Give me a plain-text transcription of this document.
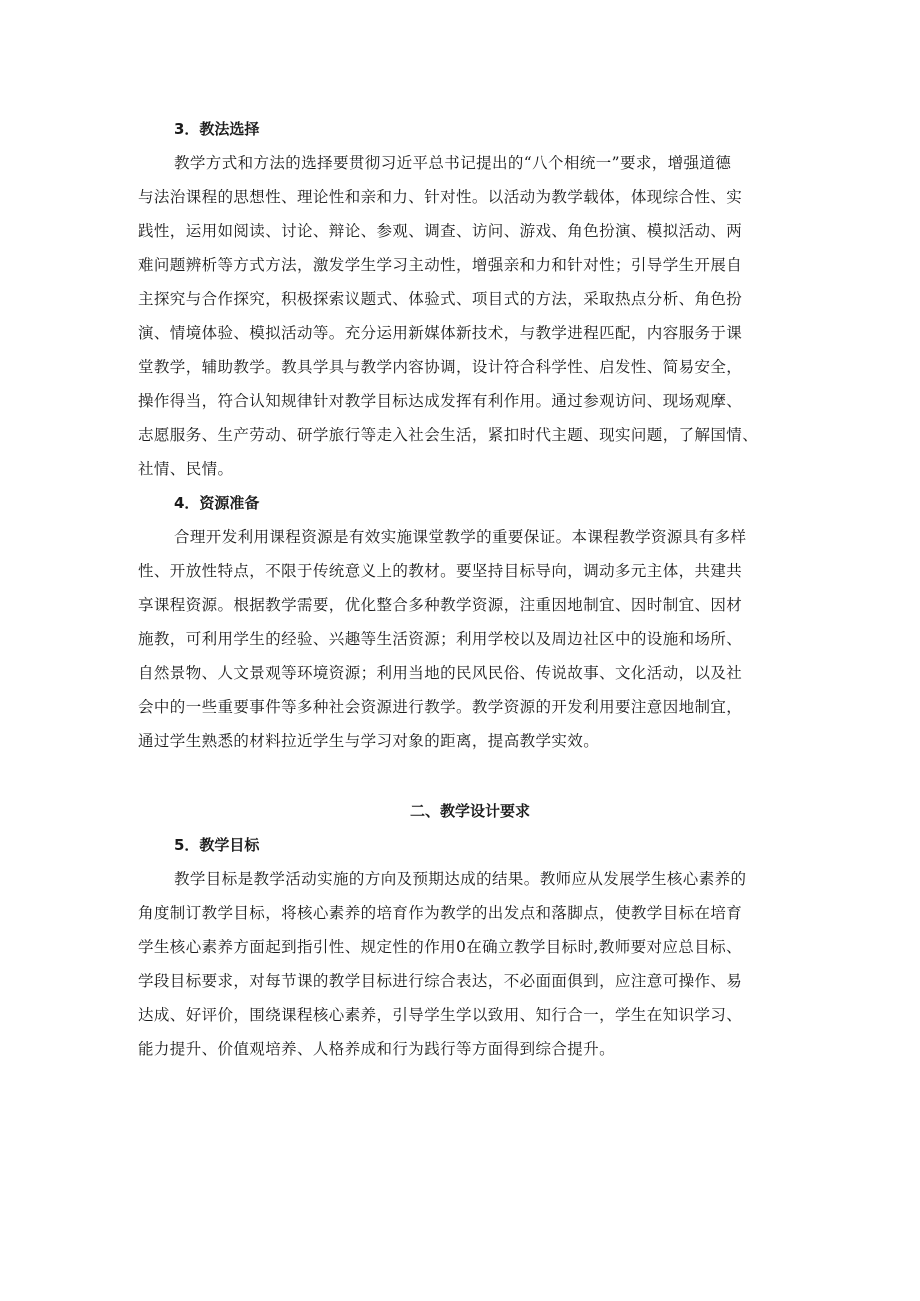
3．教法选择
教学方式和方法的选择要贯彻习近平总书记提出的“八个相统一”要求，增强道德
与法治课程的思想性、理论性和亲和力、针对性。以活动为教学载体，体现综合性、实
践性，运用如阅读、讨论、辩论、参观、调查、访问、游戏、角色扮演、模拟活动、两
难问题辨析等方式方法，激发学生学习主动性，增强亲和力和针对性；引导学生开展自
主探究与合作探究，积极探索议题式、体验式、项目式的方法，采取热点分析、角色扮
演、情境体验、模拟活动等。充分运用新媒体新技术，与教学进程匹配，内容服务于课
堂教学，辅助教学。教具学具与教学内容协调，设计符合科学性、启发性、简易安全，
操作得当，符合认知规律针对教学目标达成发挥有利作用。通过参观访问、现场观摩、
志愿服务、生产劳动、研学旅行等走入社会生活，紧扣时代主题、现实问题，了解国情、
社情、民情。
4．资源准备
合理开发利用课程资源是有效实施课堂教学的重要保证。本课程教学资源具有多样
性、开放性特点，不限于传统意义上的教材。要坚持目标导向，调动多元主体，共建共
享课程资源。根据教学需要，优化整合多种教学资源，注重因地制宜、因时制宜、因材
施教，可利用学生的经验、兴趣等生活资源；利用学校以及周边社区中的设施和场所、
自然景物、人文景观等环境资源；利用当地的民风民俗、传说故事、文化活动，以及社
会中的一些重要事件等多种社会资源进行教学。教学资源的开发利用要注意因地制宜，
通过学生熟悉的材料拉近学生与学习对象的距离，提高教学实效。
二、教学设计要求
5．教学目标
教学目标是教学活动实施的方向及预期达成的结果。教师应从发展学生核心素养的
角度制订教学目标，将核心素养的培育作为教学的出发点和落脚点，使教学目标在培育
学生核心素养方面起到指引性、规定性的作用0在确立教学目标时,教师要对应总目标、
学段目标要求，对每节课的教学目标进行综合表达，不必面面俱到，应注意可操作、易
达成、好评价，围绕课程核心素养，引导学生学以致用、知行合一，学生在知识学习、
能力提升、价值观培养、人格养成和行为践行等方面得到综合提升。
